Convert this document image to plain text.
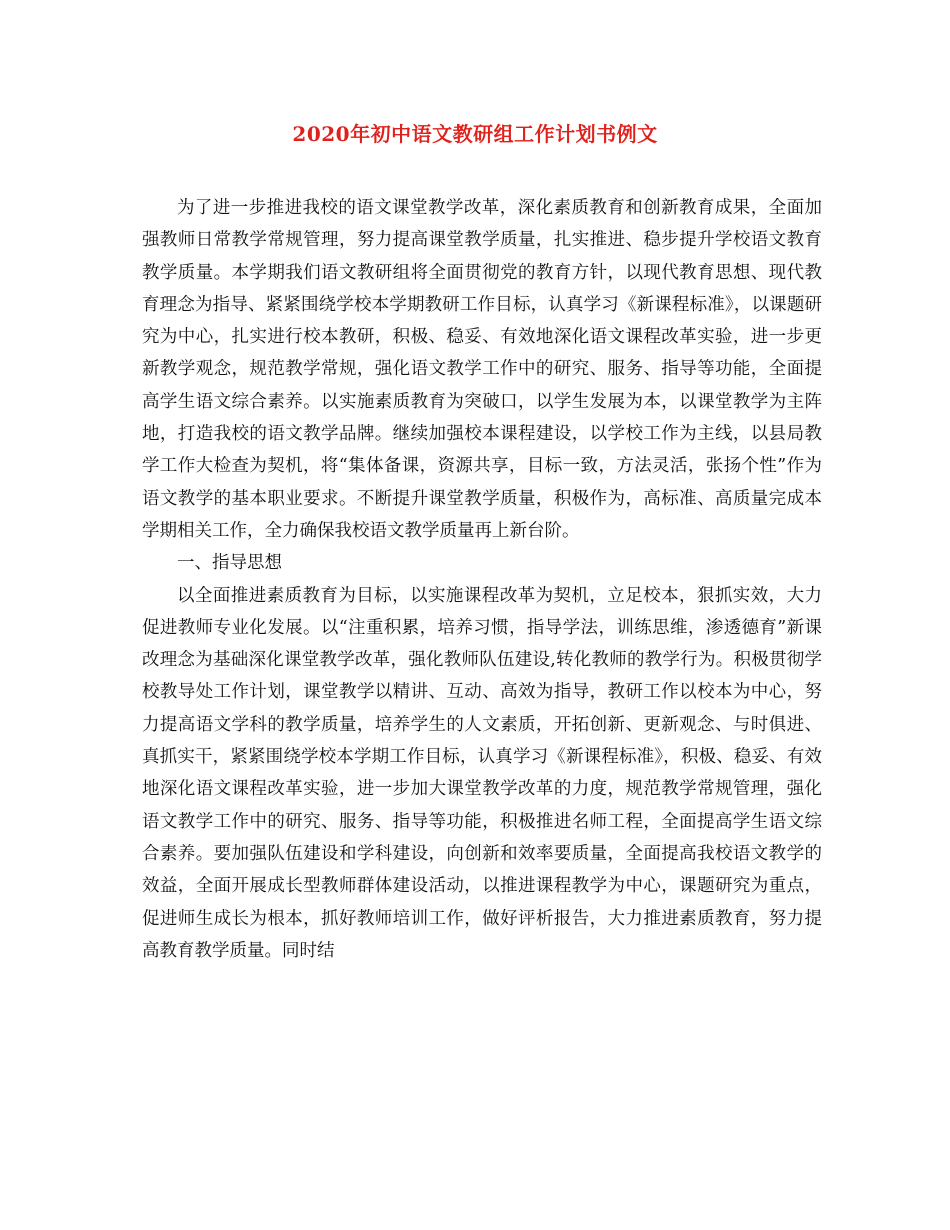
2020年初中语文教研组工作计划书例文

为了进一步推进我校的语文课堂教学改革，深化素质教育和创新教育成果，全面加强教师日常教学常规管理，努力提高课堂教学质量，扎实推进、稳步提升学校语文教育教学质量。本学期我们语文教研组将全面贯彻党的教育方针，以现代教育思想、现代教育理念为指导、紧紧围绕学校本学期教研工作目标，认真学习《新课程标准》，以课题研究为中心，扎实进行校本教研，积极、稳妥、有效地深化语文课程改革实验，进一步更新教学观念，规范教学常规，强化语文教学工作中的研究、服务、指导等功能，全面提高学生语文综合素养。以实施素质教育为突破口，以学生发展为本，以课堂教学为主阵地，打造我校的语文教学品牌。继续加强校本课程建设，以学校工作为主线，以县局教学工作大检查为契机，将“集体备课，资源共享，目标一致，方法灵活，张扬个性”作为语文教学的基本职业要求。不断提升课堂教学质量，积极作为，高标准、高质量完成本学期相关工作，全力确保我校语文教学质量再上新台阶。

一、指导思想

以全面推进素质教育为目标，以实施课程改革为契机，立足校本，狠抓实效，大力促进教师专业化发展。以“注重积累，培养习惯，指导学法，训练思维，渗透德育”新课改理念为基础深化课堂教学改革，强化教师队伍建设,转化教师的教学行为。积极贯彻学校教导处工作计划，课堂教学以精讲、互动、高效为指导，教研工作以校本为中心，努力提高语文学科的教学质量，培养学生的人文素质，开拓创新、更新观念、与时俱进、真抓实干，紧紧围绕学校本学期工作目标，认真学习《新课程标准》，积极、稳妥、有效地深化语文课程改革实验，进一步加大课堂教学改革的力度，规范教学常规管理，强化语文教学工作中的研究、服务、指导等功能，积极推进名师工程，全面提高学生语文综合素养。要加强队伍建设和学科建设，向创新和效率要质量，全面提高我校语文教学的效益，全面开展成长型教师群体建设活动，以推进课程教学为中心，课题研究为重点，促进师生成长为根本，抓好教师培训工作，做好评析报告，大力推进素质教育，努力提高教育教学质量。同时结
